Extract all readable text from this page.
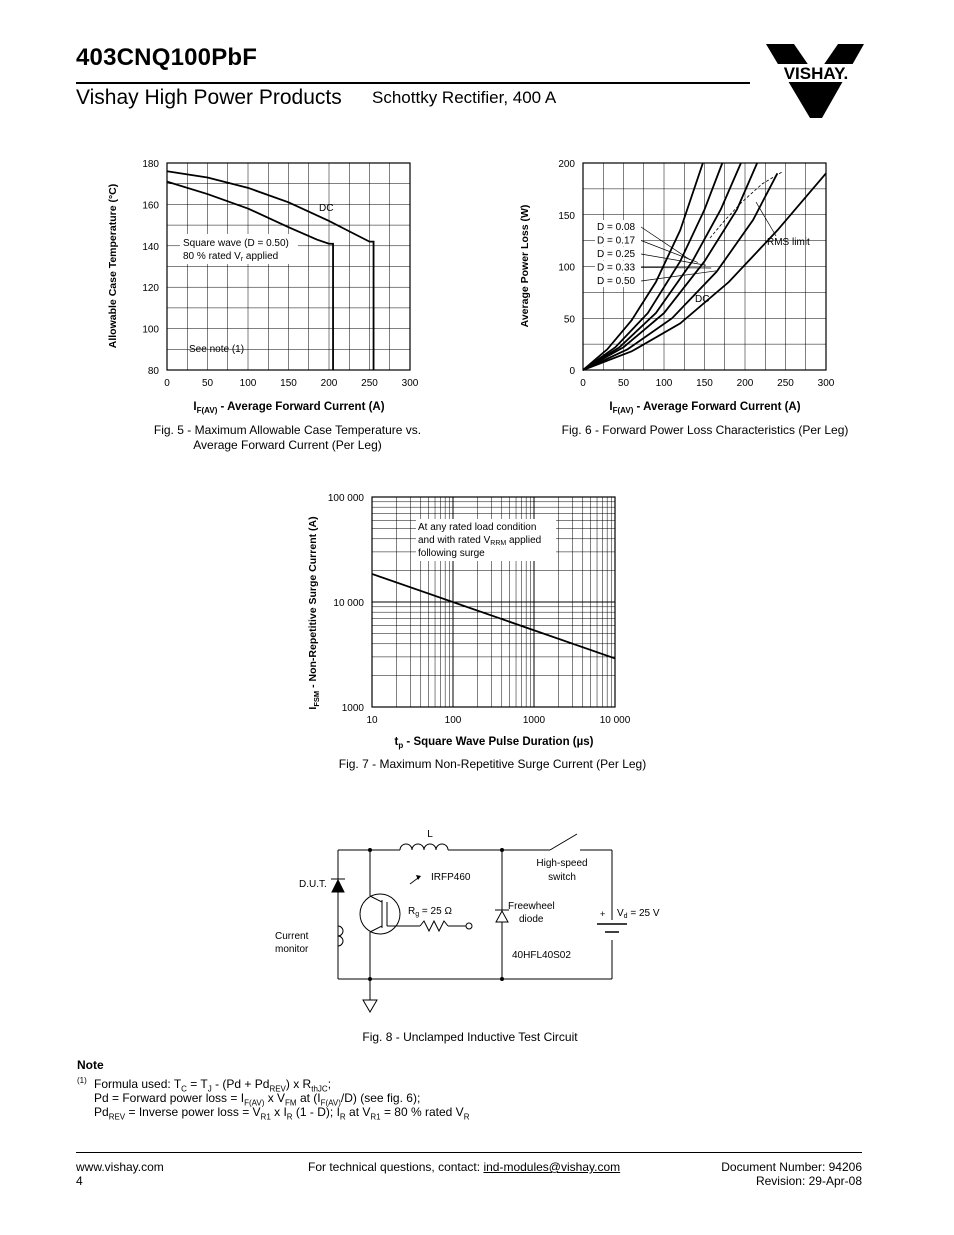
403CNQ100PbF
Vishay High Power Products Schottky Rectifier, 400 A
VISHAY.
0	50	100 150 200 250 300
80
100
120
140
160
180
DC
Square wave (D = 0.50)
80 % rated $V_r$ applied
See note (1)
Allowable Case Temperature (°C)
$I_{F(AV)}$ - Average Forward Current (A)
Fig. 5 - Maximum Allowable Case Temperature vs.
Average Forward Current (Per Leg)
0	50	100 150 200 250 300
0
50
100
150
200
D = 0.08
D = 0.17
D = 0.25
D = 0.33
D = 0.50
RMS limit
DC
Average Power Loss (W)
$I_{F(AV)}$ - Average Forward Current (A)
Fig. 6 - Forward Power Loss Characteristics (Per Leg)
10	100	1000	10 000
1000
10 000
100 000
At any rated load condition
and with rated $V_{RRM}$ applied
following surge
$I_{FSM}$ - Non-Repetitive Surge Current (A)
$t_p$ - Square Wave Pulse Duration (µs)
Fig. 7 - Maximum Non-Repetitive Surge Current (Per Leg)
L
High-speed
switch
D.U.T.
IRFP460
$R_g = 25$ Ω	Freewheel
diode	+ $V_d = 25$ V
Current
monitor
40HFL40S02
Fig. 8 - Unclamped Inductive Test Circuit
Note
(1) Formula used: $T_C = T_J - (Pd + Pd_{REV})$ x $R_{thJC}$;
Pd = Forward power loss = $I_{F(AV)}$ x $V_{FM}$ at $(I_{F(AV)}/D)$ (see fig. 6);
$Pd_{REV}$ = Inverse power loss = $V_{R1}$ x $I_R$ (1 - D); $I_R$ at $V_{R1} = 80$ % rated $V_R$
www.vishay.com
4
For technical questions, contact: ind-modules@vishay.com	Document Number: 94206
Revision: 29-Apr-08
